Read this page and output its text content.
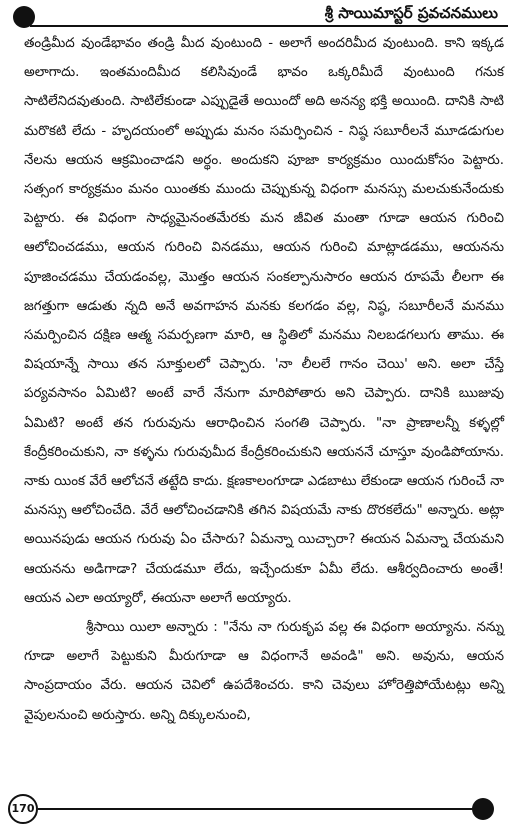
శ్రీ సాయిమాస్టర్ ప్రవచనములు

తండ్రిమీద వుండేభావం తండ్రి మీద వుంటుంది - అలాగే అందరిమీద వుంటుంది. కాని ఇక్కడ అలాగాదు. ఇంతమందిమీద కలిసివుండే భావం ఒక్కరిమీదే వుంటుంది గనుక సాటిలేనిదవుతుంది. సాటిలేకుండా ఎప్పుడైతే అయిందో అది అనన్య భక్తి అయింది. దానికి సాటి మరొకటి లేదు - హృదయంలో అప్పుడు మనం సమర్పించిన - నిష్ఠ సబూరీలనే మూడడుగుల నేలను ఆయన ఆక్రమించాడని అర్థం. అందుకని పూజా కార్యక్రమం యిందుకోసం పెట్టారు. సత్సంగ కార్యక్రమం మనం యింతకు ముందు చెప్పుకున్న విధంగా మనస్సు మలచుకునేందుకు పెట్టారు. ఈ విధంగా సాధ్యమైనంతమేరకు మన జీవిత మంతా గూడా ఆయన గురించి ఆలోచించడము, ఆయన గురించి వినడము, ఆయన గురించి మాట్లాడడము, ఆయనను పూజించడము చేయడంవల్ల, మొత్తం ఆయన సంకల్పానుసారం ఆయన రూపమే లీలగా ఈ జగత్తుగా ఆడుతు న్నది అనే అవగాహన మనకు కలగడం వల్ల, నిష్ఠ, సబూరీలనే మనము సమర్పించిన దక్షిణ ఆత్మ సమర్పణగా మారి, ఆ స్థితిలో మనము నిలబడగలుగు తాము. ఈ విషయాన్నే సాయి తన సూక్తులలో చెప్పారు. 'నా లీలలే గానం చెయి' అని. అలా చేస్తే పర్యవసానం ఏమిటి? అంటే వారే నేనుగా మారిపోతారు అని చెప్పారు. దానికి ఋజువు ఏమిటి? అంటే తన గురువును ఆరాధించిన సంగతి చెప్పారు. "నా ప్రాణాలన్నీ కళ్ళల్లో కేంద్రీకరించుకుని, నా కళ్ళను గురువుమీద కేంద్రీకరించుకుని ఆయననే చూస్తూ వుండిపోయాను. నాకు యింక వేరే ఆలోచనే తట్టేది కాదు. క్షణకాలంగూడా ఎడబాటు లేకుండా ఆయన గురించే నా మనస్సు ఆలోచించేది. వేరే ఆలోచించడానికి తగిన విషయమే నాకు దొరకలేదు" అన్నారు. అట్లా అయినపుడు ఆయన గురువు ఏం చేసారు? ఏమన్నా యిచ్చారా? ఈయన ఏమన్నా చేయమని ఆయనను అడిగాడా? చేయడమూ లేదు, ఇచ్చేందుకూ ఏమీ లేదు. ఆశీర్వదించారు అంతే! ఆయన ఎలా అయ్యారో, ఈయనా అలాగే అయ్యారు.

శ్రీసాయి యిలా అన్నారు : "నేను నా గురుకృప వల్ల ఈ విధంగా అయ్యాను. నన్ను గూడా అలాగే పెట్టుకుని మీరుగూడా ఆ విధంగానే అవండి" అని. అవును, ఆయన సాంప్రదాయం వేరు. ఆయన చెవిలో ఉపదేశించరు. కాని చెవులు హోరెత్తిపోయేటట్లు అన్ని వైపులనుంచి అరుస్తారు. అన్ని దిక్కులనుంచి,

170
